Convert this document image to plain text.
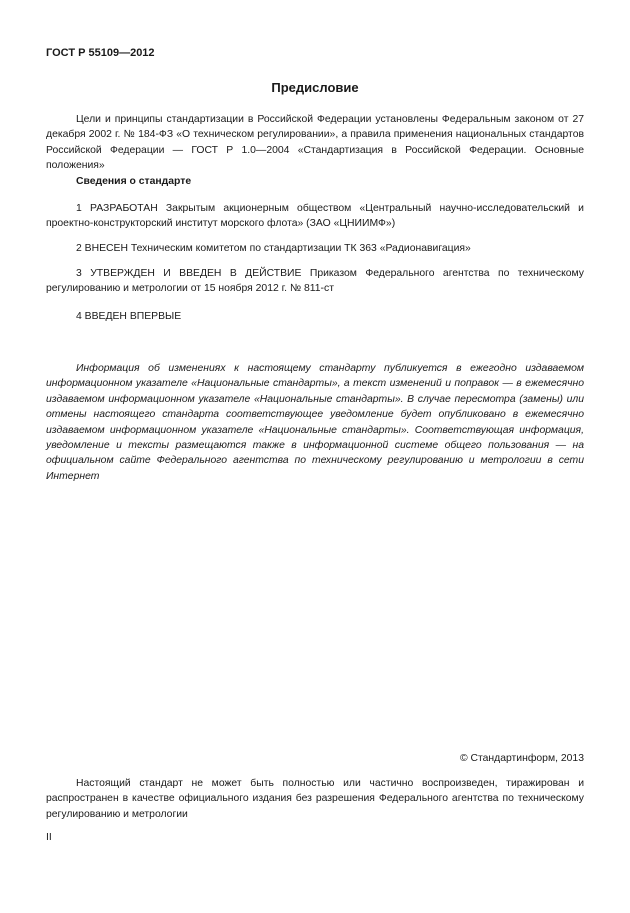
ГОСТ Р 55109—2012
Предисловие

Цели и принципы стандартизации в Российской Федерации установлены Федеральным законом от 27 декабря 2002 г. № 184-ФЗ «О техническом регулировании», а правила применения национальных стандартов Российской Федерации — ГОСТ Р 1.0—2004 «Стандартизация в Российской Федерации. Основные положения»

Сведения о стандарте

1 РАЗРАБОТАН Закрытым акционерным обществом «Центральный научно-исследовательский и проектно-конструкторский институт морского флота» (ЗАО «ЦНИИМФ»)

2 ВНЕСЕН Техническим комитетом по стандартизации ТК 363 «Радионавигация»

3 УТВЕРЖДЕН И ВВЕДЕН В ДЕЙСТВИЕ Приказом Федерального агентства по техническому регулированию и метрологии от 15 ноября 2012 г. № 811-ст

4 ВВЕДЕН ВПЕРВЫЕ

Информация об изменениях к настоящему стандарту публикуется в ежегодно издаваемом информационном указателе «Национальные стандарты», а текст изменений и поправок — в ежемесячно издаваемом информационном указателе «Национальные стандарты». В случае пересмотра (замены) или отмены настоящего стандарта соответствующее уведомление будет опубликовано в ежемесячно издаваемом информационном указателе «Национальные стандарты». Соответствующая информация, уведомление и тексты размещаются также в информационной системе общего пользования — на официальном сайте Федерального агентства по техническому регулированию и метрологии в сети Интернет

© Стандартинформ, 2013

Настоящий стандарт не может быть полностью или частично воспроизведен, тиражирован и распространен в качестве официального издания без разрешения Федерального агентства по техническому регулированию и метрологии

II
